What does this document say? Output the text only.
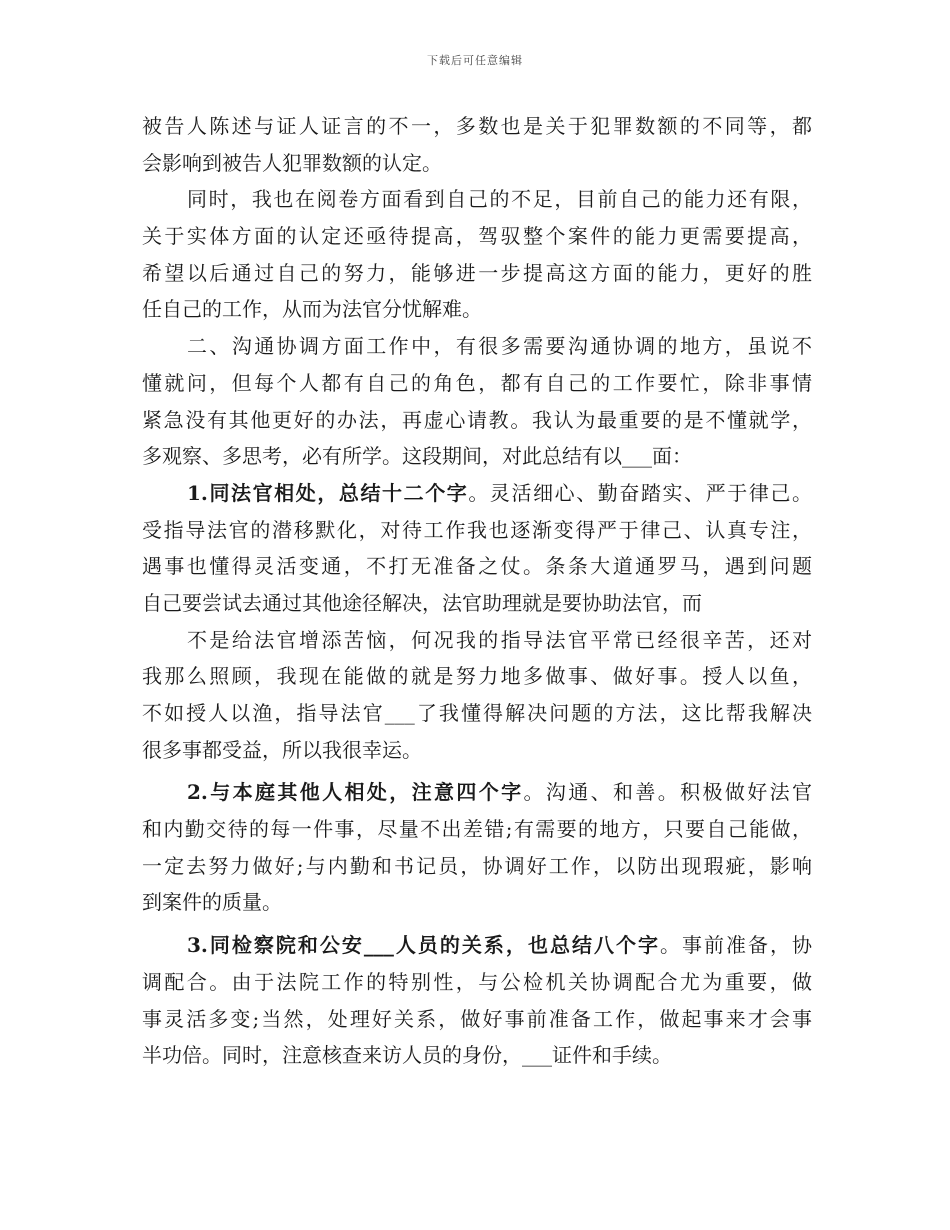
下载后可任意编辑
被告人陈述与证人证言的不一，多数也是关于犯罪数额的不同等，都
会影响到被告人犯罪数额的认定。
同时，我也在阅卷方面看到自己的不足，目前自己的能力还有限，
关于实体方面的认定还亟待提高，驾驭整个案件的能力更需要提高，
希望以后通过自己的努力，能够进一步提高这方面的能力，更好的胜
任自己的工作，从而为法官分忧解难。
二、沟通协调方面工作中，有很多需要沟通协调的地方，虽说不
懂就问，但每个人都有自己的角色，都有自己的工作要忙，除非事情
紧急没有其他更好的办法，再虚心请教。我认为最重要的是不懂就学，
多观察、多思考，必有所学。这段期间，对此总结有以___面：
1.同法官相处，总结十二个字。灵活细心、勤奋踏实、严于律己。
受指导法官的潜移默化，对待工作我也逐渐变得严于律己、认真专注，
遇事也懂得灵活变通，不打无准备之仗。条条大道通罗马，遇到问题
自己要尝试去通过其他途径解决，法官助理就是要协助法官，而
不是给法官增添苦恼，何况我的指导法官平常已经很辛苦，还对
我那么照顾，我现在能做的就是努力地多做事、做好事。授人以鱼，
不如授人以渔，指导法官___了我懂得解决问题的方法，这比帮我解决
很多事都受益，所以我很幸运。
2.与本庭其他人相处，注意四个字。沟通、和善。积极做好法官
和内勤交待的每一件事，尽量不出差错;有需要的地方，只要自己能做，
一定去努力做好;与内勤和书记员，协调好工作，以防出现瑕疵，影响
到案件的质量。
3.同检察院和公安___人员的关系，也总结八个字。事前准备，协
调配合。由于法院工作的特别性，与公检机关协调配合尤为重要，做
事灵活多变;当然，处理好关系，做好事前准备工作，做起事来才会事
半功倍。同时，注意核查来访人员的身份，___证件和手续。
